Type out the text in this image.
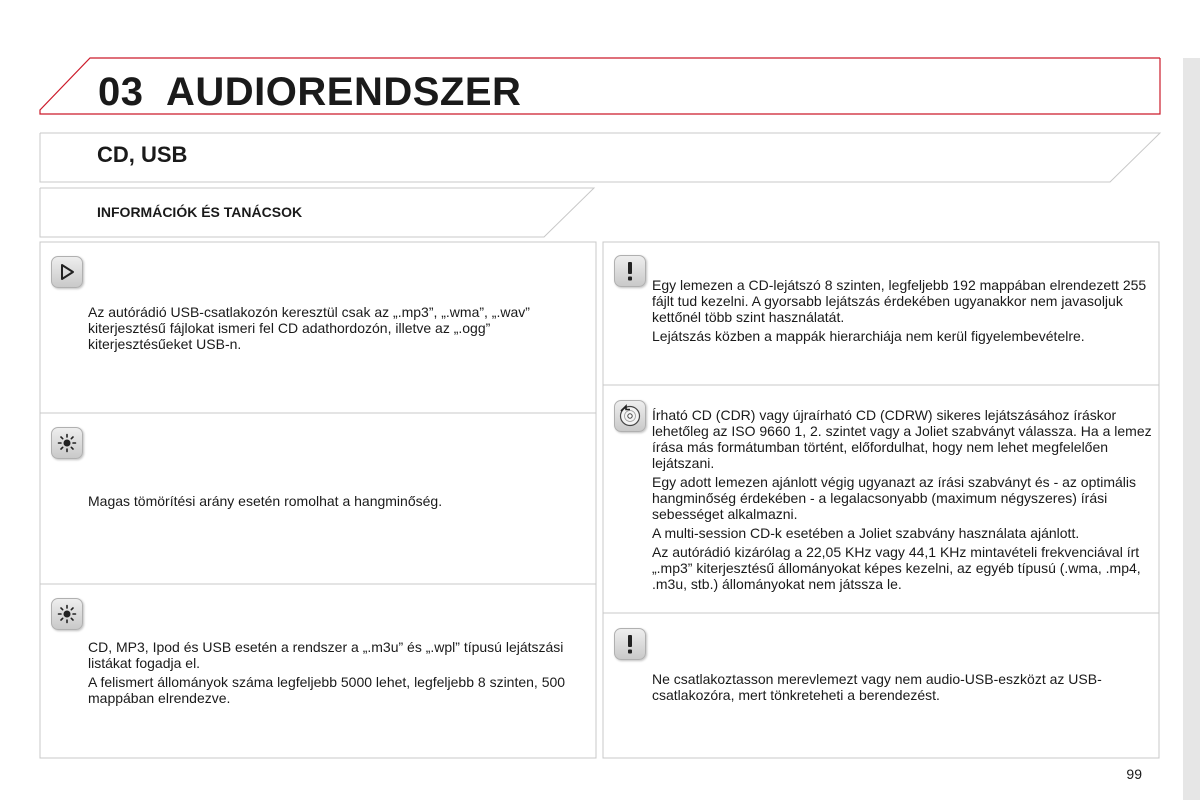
03 AUDIORENDSZER
CD, USB
INFORMÁCIÓK ÉS TANÁCSOK

Az autórádió USB-csatlakozón keresztül csak az „.mp3”, „.wma”, „.wav” kiterjesztésű fájlokat ismeri fel CD adathordozón, illetve az „.ogg” kiterjesztésűeket USB-n.

Magas tömörítési arány esetén romolhat a hangminőség.

CD, MP3, Ipod és USB esetén a rendszer a „.m3u” és „.wpl” típusú lejátszási listákat fogadja el.

A felismert állományok száma legfeljebb 5000 lehet, legfeljebb 8 szinten, 500 mappában elrendezve.

Egy lemezen a CD-lejátszó 8 szinten, legfeljebb 192 mappában elrendezett 255 fájlt tud kezelni. A gyorsabb lejátszás érdekében ugyanakkor nem javasoljuk kettőnél több szint használatát.

Lejátszás közben a mappák hierarchiája nem kerül figyelembevételre.

Írható CD (CDR) vagy újraírható CD (CDRW) sikeres lejátszásához íráskor lehetőleg az ISO 9660 1, 2. szintet vagy a Joliet szabványt válassza. Ha a lemez írása más formátumban történt, előfordulhat, hogy nem lehet megfelelően lejátszani.

Egy adott lemezen ajánlott végig ugyanazt az írási szabványt és - az optimális hangminőség érdekében - a legalacsonyabb (maximum négyszeres) írási sebességet alkalmazni.

A multi-session CD-k esetében a Joliet szabvány használata ajánlott.

Az autórádió kizárólag a 22,05 KHz vagy 44,1 KHz mintavételi frekvenciával írt „.mp3” kiterjesztésű állományokat képes kezelni, az egyéb típusú (.wma, .mp4, .m3u, stb.) állományokat nem játssza le.

Ne csatlakoztasson merevlemezt vagy nem audio-USB-eszközt az USB-csatlakozóra, mert tönkreteheti a berendezést.

99
